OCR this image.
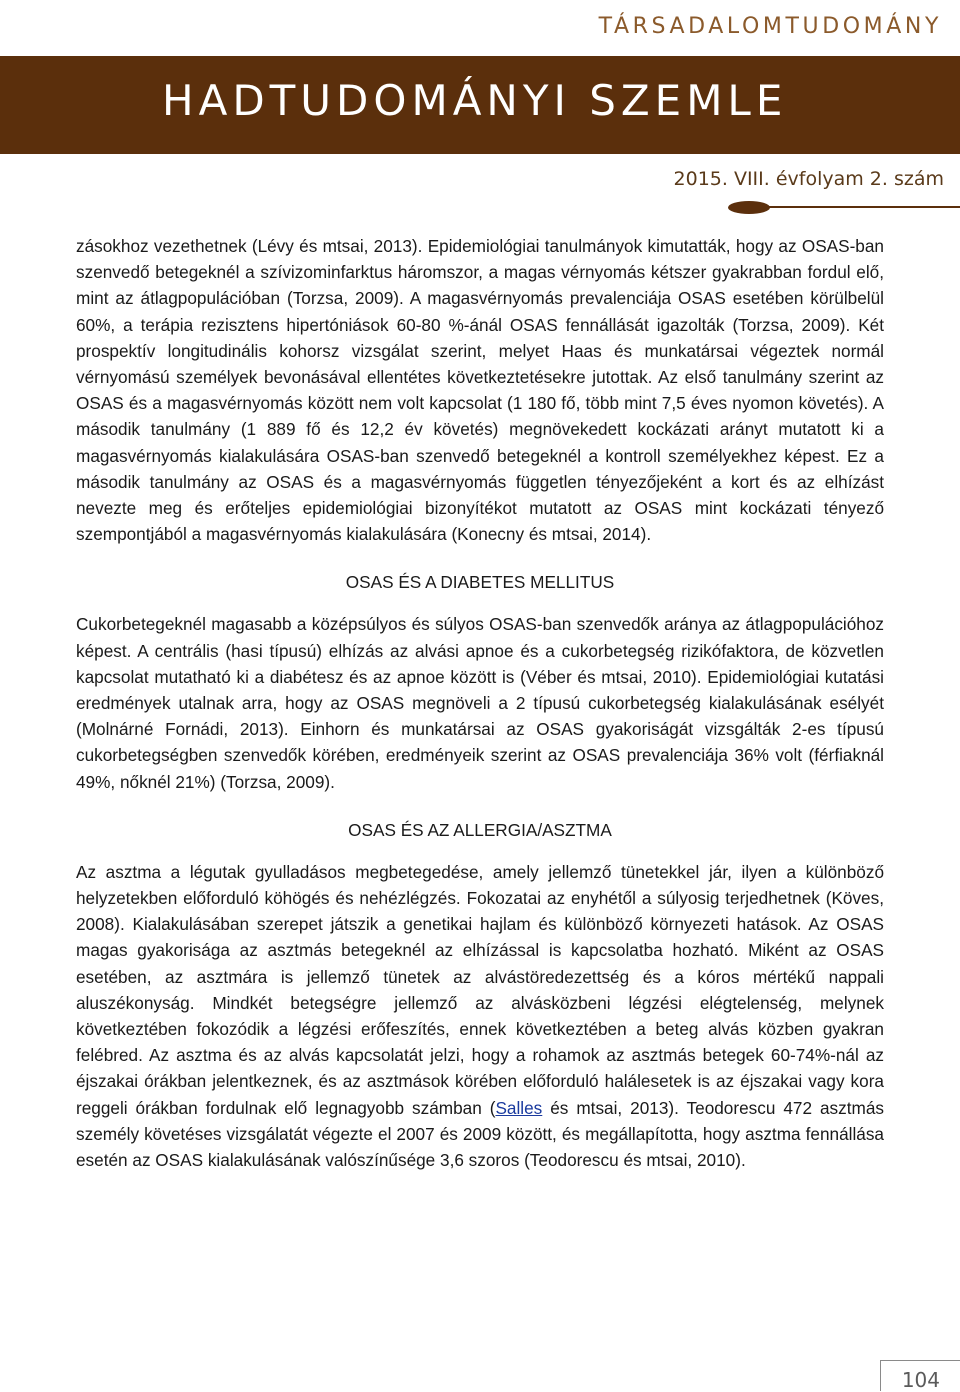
TÁRSADALOMTUDOMÁNY
HADTUDOMÁNYI SZEMLE
2015. VIII. évfolyam 2. szám

zásokhoz vezethetnek (Lévy és mtsai, 2013). Epidemiológiai tanulmányok kimutatták, hogy az OSAS-ban szenvedő betegeknél a szívizominfarktus háromszor, a magas vérnyomás kétszer gyakrabban fordul elő, mint az átlagpopulációban (Torzsa, 2009). A magasvérnyomás prevalenciája OSAS esetében körülbelül 60%, a terápia rezisztens hipertóniások 60-80 %-ánál OSAS fennállását igazolták (Torzsa, 2009). Két prospektív longitudinális kohorsz vizsgálat szerint, melyet Haas és munkatársai végeztek normál vérnyomású személyek bevonásával ellentétes következtetésekre jutottak. Az első tanulmány szerint az OSAS és a magasvérnyomás között nem volt kapcsolat (1 180 fő, több mint 7,5 éves nyomon követés). A második tanulmány (1 889 fő és 12,2 év követés) megnövekedett kockázati arányt mutatott ki a magasvérnyomás kialakulására OSAS-ban szenvedő betegeknél a kontroll személyekhez képest. Ez a második tanulmány az OSAS és a magasvérnyomás független tényezőjeként a kort és az elhízást nevezte meg és erőteljes epidemiológiai bizonyítékot mutatott az OSAS mint kockázati tényező szempontjából a magasvérnyomás kialakulására (Konecny és mtsai, 2014).

OSAS ÉS A DIABETES MELLITUS

Cukorbetegeknél magasabb a középsúlyos és súlyos OSAS-ban szenvedők aránya az átlagpopulációhoz képest. A centrális (hasi típusú) elhízás az alvási apnoe és a cukorbetegség rizikófaktora, de közvetlen kapcsolat mutatható ki a diabétesz és az apnoe között is (Véber és mtsai, 2010). Epidemiológiai kutatási eredmények utalnak arra, hogy az OSAS megnöveli a 2 típusú cukorbetegség kialakulásának esélyét (Molnárné Fornádi, 2013). Einhorn és munkatársai az OSAS gyakoriságát vizsgálták 2-es típusú cukorbetegségben szenvedők körében, eredményeik szerint az OSAS prevalenciája 36% volt (férfiaknál 49%, nőknél 21%) (Torzsa, 2009).

OSAS ÉS AZ ALLERGIA/ASZTMA

Az asztma a légutak gyulladásos megbetegedése, amely jellemző tünetekkel jár, ilyen a különböző helyzetekben előforduló köhögés és nehézlégzés. Fokozatai az enyhétől a súlyosig terjedhetnek (Köves, 2008). Kialakulásában szerepet játszik a genetikai hajlam és különböző környezeti hatások. Az OSAS magas gyakorisága az asztmás betegeknél az elhízással is kapcsolatba hozható. Miként az OSAS esetében, az asztmára is jellemző tünetek az alvástöredezettség és a kóros mértékű nappali aluszékonyság. Mindkét betegségre jellemző az alvásközbeni légzési elégtelenség, melynek következtében fokozódik a légzési erőfeszítés, ennek következtében a beteg alvás közben gyakran felébred. Az asztma és az alvás kapcsolatát jelzi, hogy a rohamok az asztmás betegek 60-74%-nál az éjszakai órákban jelentkeznek, és az asztmások körében előforduló halálesetek is az éjszakai vagy kora reggeli órákban fordulnak elő legnagyobb számban (Salles és mtsai, 2013). Teodorescu 472 asztmás személy követéses vizsgálatát végezte el 2007 és 2009 között, és megállapította, hogy asztma fennállása esetén az OSAS kialakulásának valószínűsége 3,6 szoros (Teodorescu és mtsai, 2010).

104
